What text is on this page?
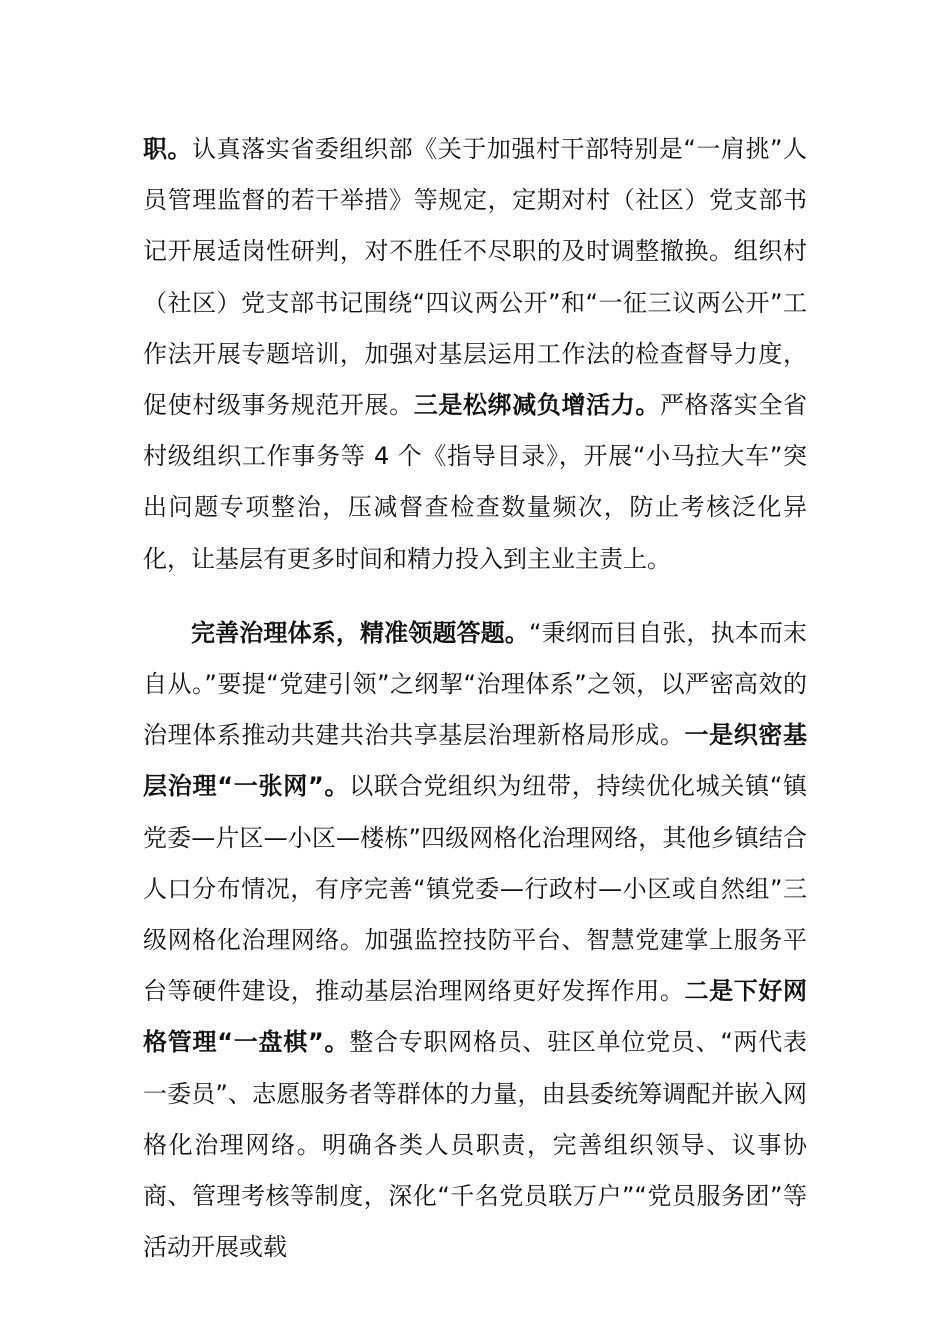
职。认真落实省委组织部《关于加强村干部特别是“一肩挑”人员管理监督的若干举措》等规定，定期对村（社区）党支部书记开展适岗性研判，对不胜任不尽职的及时调整撤换。组织村（社区）党支部书记围绕“四议两公开”和“一征三议两公开”工作法开展专题培训，加强对基层运用工作法的检查督导力度，促使村级事务规范开展。三是松绑减负增活力。严格落实全省村级组织工作事务等 4 个《指导目录》，开展“小马拉大车”突出问题专项整治，压减督查检查数量频次，防止考核泛化异化，让基层有更多时间和精力投入到主业主责上。

完善治理体系，精准领题答题。“秉纲而目自张，执本而末自从。”要提“党建引领”之纲挈“治理体系”之领，以严密高效的治理体系推动共建共治共享基层治理新格局形成。一是织密基层治理“一张网”。以联合党组织为纽带，持续优化城关镇“镇党委—片区—小区—楼栋”四级网格化治理网络，其他乡镇结合人口分布情况，有序完善“镇党委—行政村—小区或自然组”三级网格化治理网络。加强监控技防平台、智慧党建掌上服务平台等硬件建设，推动基层治理网络更好发挥作用。二是下好网格管理“一盘棋”。整合专职网格员、驻区单位党员、“两代表一委员”、志愿服务者等群体的力量，由县委统筹调配并嵌入网格化治理网络。明确各类人员职责，完善组织领导、议事协商、管理考核等制度，深化“千名党员联万户”“党员服务团”等活动开展或载
